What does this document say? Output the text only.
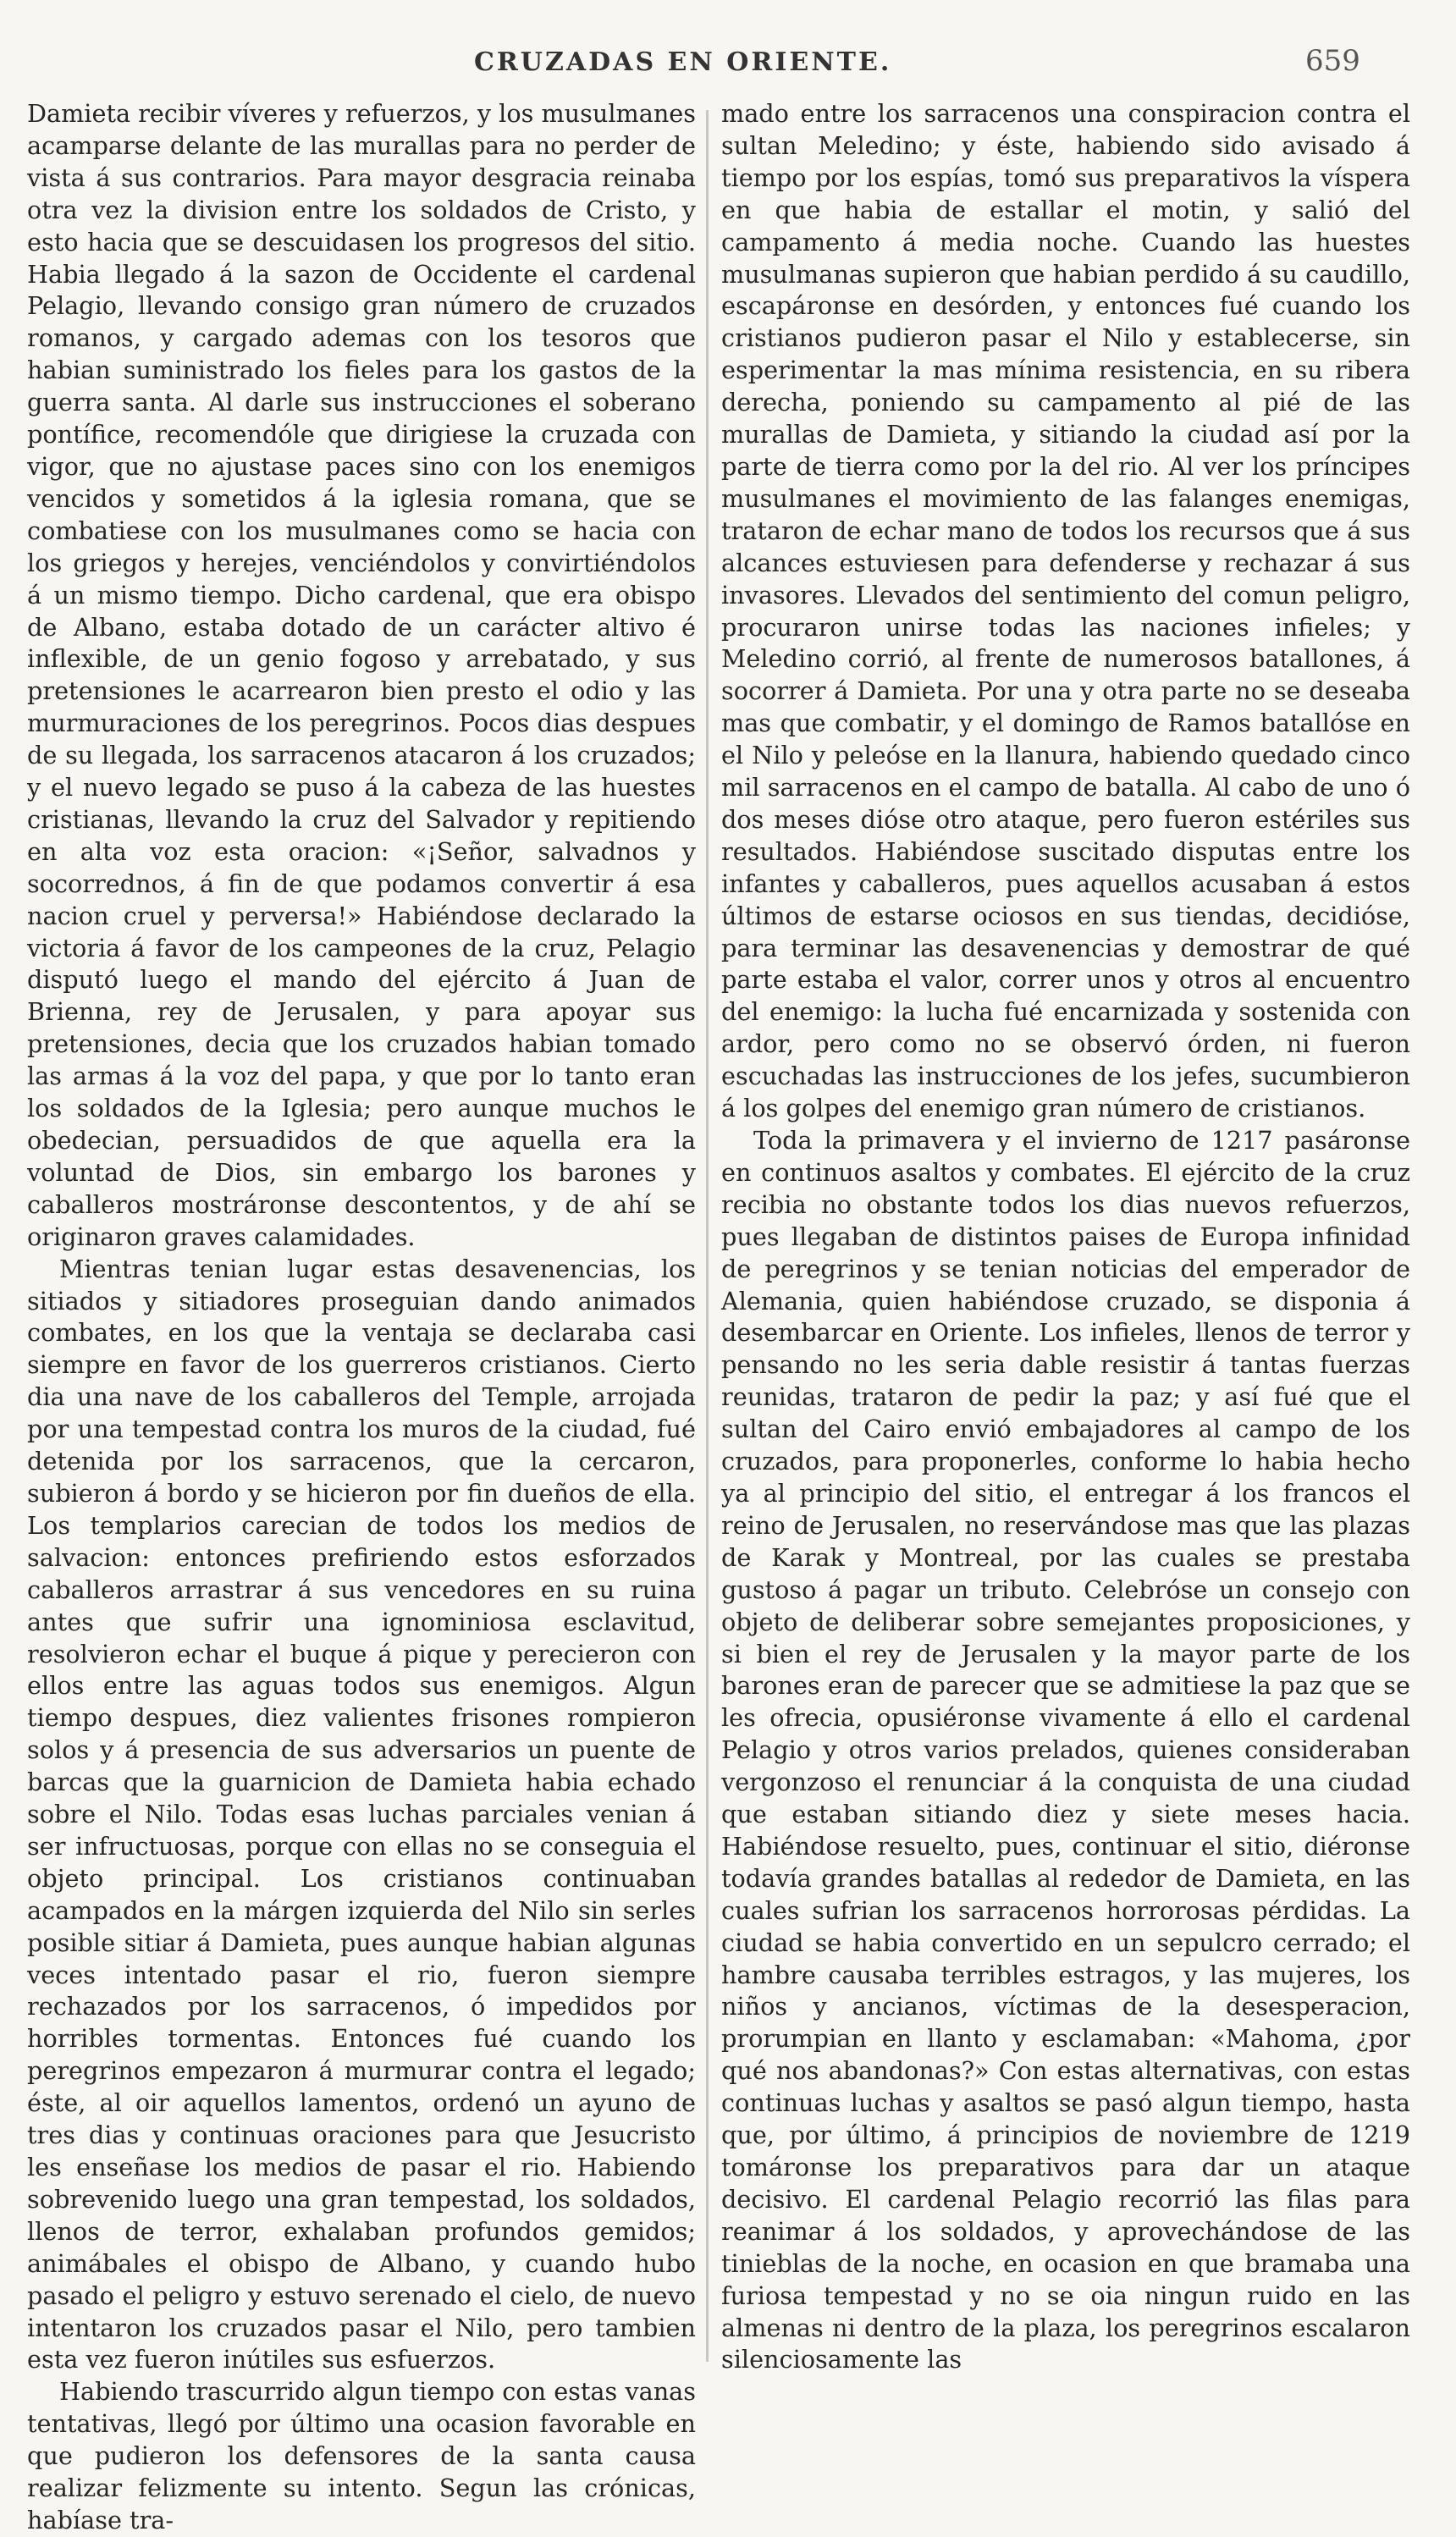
CRUZADAS EN ORIENTE.	659

Damieta recibir víveres y refuerzos, y los musulmanes acamparse delante de las murallas para no perder de vista á sus contrarios. Para mayor desgracia reinaba otra vez la division entre los soldados de Cristo, y esto hacia que se descuidasen los progresos del sitio. Habia llegado á la sazon de Occidente el cardenal Pelagio, llevando consigo gran número de cruzados romanos, y cargado ademas con los tesoros que habian suministrado los fieles para los gastos de la guerra santa. Al darle sus instrucciones el soberano pontífice, recomendóle que dirigiese la cruzada con vigor, que no ajustase paces sino con los enemigos vencidos y sometidos á la iglesia romana, que se combatiese con los musulmanes como se hacia con los griegos y herejes, venciéndolos y convirtiéndolos á un mismo tiempo. Dicho cardenal, que era obispo de Albano, estaba dotado de un carácter altivo é inflexible, de un genio fogoso y arrebatado, y sus pretensiones le acarrearon bien presto el odio y las murmuraciones de los peregrinos. Pocos dias despues de su llegada, los sarracenos atacaron á los cruzados; y el nuevo legado se puso á la cabeza de las huestes cristianas, llevando la cruz del Salvador y repitiendo en alta voz esta oracion: «¡Señor, salvadnos y socorrednos, á fin de que podamos convertir á esa nacion cruel y perversa!» Habiéndose declarado la victoria á favor de los campeones de la cruz, Pelagio disputó luego el mando del ejército á Juan de Brienna, rey de Jerusalen, y para apoyar sus pretensiones, decia que los cruzados habian tomado las armas á la voz del papa, y que por lo tanto eran los soldados de la Iglesia; pero aunque muchos le obedecian, persuadidos de que aquella era la voluntad de Dios, sin embargo los barones y caballeros mostráronse descontentos, y de ahí se originaron graves calamidades.

Mientras tenian lugar estas desavenencias, los sitiados y sitiadores proseguian dando animados combates, en los que la ventaja se declaraba casi siempre en favor de los guerreros cristianos. Cierto dia una nave de los caballeros del Temple, arrojada por una tempestad contra los muros de la ciudad, fué detenida por los sarracenos, que la cercaron, subieron á bordo y se hicieron por fin dueños de ella. Los templarios carecian de todos los medios de salvacion: entonces prefiriendo estos esforzados caballeros arrastrar á sus vencedores en su ruina antes que sufrir una ignominiosa esclavitud, resolvieron echar el buque á pique y perecieron con ellos entre las aguas todos sus enemigos. Algun tiempo despues, diez valientes frisones rompieron solos y á presencia de sus adversarios un puente de barcas que la guarnicion de Damieta habia echado sobre el Nilo. Todas esas luchas parciales venian á ser infructuosas, porque con ellas no se conseguia el objeto principal. Los cristianos continuaban acampados en la márgen izquierda del Nilo sin serles posible sitiar á Damieta, pues aunque habian algunas veces intentado pasar el rio, fueron siempre rechazados por los sarracenos, ó impedidos por horribles tormentas. Entonces fué cuando los peregrinos empezaron á murmurar contra el legado; éste, al oir aquellos lamentos, ordenó un ayuno de tres dias y continuas oraciones para que Jesucristo les enseñase los medios de pasar el rio. Habiendo sobrevenido luego una gran tempestad, los soldados, llenos de terror, exhalaban profundos gemidos; animábales el obispo de Albano, y cuando hubo pasado el peligro y estuvo serenado el cielo, de nuevo intentaron los cruzados pasar el Nilo, pero tambien esta vez fueron inútiles sus esfuerzos.

Habiendo trascurrido algun tiempo con estas vanas tentativas, llegó por último una ocasion favorable en que pudieron los defensores de la santa causa realizar felizmente su intento. Segun las crónicas, habíase tra-

mado entre los sarracenos una conspiracion contra el sultan Meledino; y éste, habiendo sido avisado á tiempo por los espías, tomó sus preparativos la víspera en que habia de estallar el motin, y salió del campamento á media noche. Cuando las huestes musulmanas supieron que habian perdido á su caudillo, escapáronse en desórden, y entonces fué cuando los cristianos pudieron pasar el Nilo y establecerse, sin esperimentar la mas mínima resistencia, en su ribera derecha, poniendo su campamento al pié de las murallas de Damieta, y sitiando la ciudad así por la parte de tierra como por la del rio. Al ver los príncipes musulmanes el movimiento de las falanges enemigas, trataron de echar mano de todos los recursos que á sus alcances estuviesen para defenderse y rechazar á sus invasores. Llevados del sentimiento del comun peligro, procuraron unirse todas las naciones infieles; y Meledino corrió, al frente de numerosos batallones, á socorrer á Damieta. Por una y otra parte no se deseaba mas que combatir, y el domingo de Ramos batallóse en el Nilo y peleóse en la llanura, habiendo quedado cinco mil sarracenos en el campo de batalla. Al cabo de uno ó dos meses dióse otro ataque, pero fueron estériles sus resultados. Habiéndose suscitado disputas entre los infantes y caballeros, pues aquellos acusaban á estos últimos de estarse ociosos en sus tiendas, decidióse, para terminar las desavenencias y demostrar de qué parte estaba el valor, correr unos y otros al encuentro del enemigo: la lucha fué encarnizada y sostenida con ardor, pero como no se observó órden, ni fueron escuchadas las instrucciones de los jefes, sucumbieron á los golpes del enemigo gran número de cristianos.

Toda la primavera y el invierno de 1217 pasáronse en continuos asaltos y combates. El ejército de la cruz recibia no obstante todos los dias nuevos refuerzos, pues llegaban de distintos paises de Europa infinidad de peregrinos y se tenian noticias del emperador de Alemania, quien habiéndose cruzado, se disponia á desembarcar en Oriente. Los infieles, llenos de terror y pensando no les seria dable resistir á tantas fuerzas reunidas, trataron de pedir la paz; y así fué que el sultan del Cairo envió embajadores al campo de los cruzados, para proponerles, conforme lo habia hecho ya al principio del sitio, el entregar á los francos el reino de Jerusalen, no reservándose mas que las plazas de Karak y Montreal, por las cuales se prestaba gustoso á pagar un tributo. Celebróse un consejo con objeto de deliberar sobre semejantes proposiciones, y si bien el rey de Jerusalen y la mayor parte de los barones eran de parecer que se admitiese la paz que se les ofrecia, opusiéronse vivamente á ello el cardenal Pelagio y otros varios prelados, quienes consideraban vergonzoso el renunciar á la conquista de una ciudad que estaban sitiando diez y siete meses hacia. Habiéndose resuelto, pues, continuar el sitio, diéronse todavía grandes batallas al rededor de Damieta, en las cuales sufrian los sarracenos horrorosas pérdidas. La ciudad se habia convertido en un sepulcro cerrado; el hambre causaba terribles estragos, y las mujeres, los niños y ancianos, víctimas de la desesperacion, prorumpian en llanto y esclamaban: «Mahoma, ¿por qué nos abandonas?» Con estas alternativas, con estas continuas luchas y asaltos se pasó algun tiempo, hasta que, por último, á principios de noviembre de 1219 tomáronse los preparativos para dar un ataque decisivo. El cardenal Pelagio recorrió las filas para reanimar á los soldados, y aprovechándose de las tinieblas de la noche, en ocasion en que bramaba una furiosa tempestad y no se oia ningun ruido en las almenas ni dentro de la plaza, los peregrinos escalaron silenciosamente las
